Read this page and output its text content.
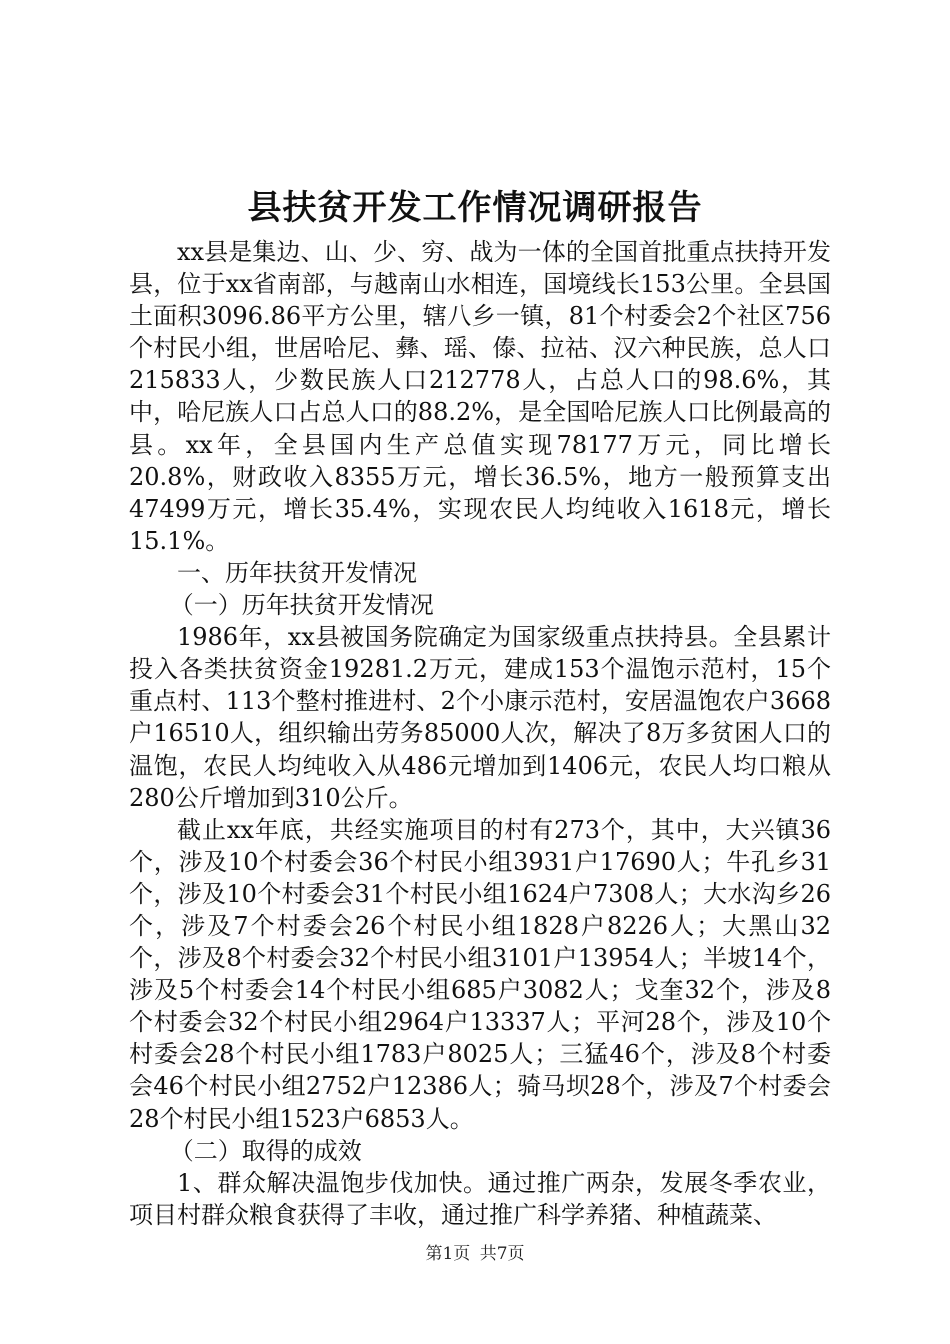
县扶贫开发工作情况调研报告

xx县是集边、山、少、穷、战为一体的全国首批重点扶持开发县，位于xx省南部，与越南山水相连，国境线长153公里。全县国土面积3096.86平方公里，辖八乡一镇，81个村委会2个社区756个村民小组，世居哈尼、彝、瑶、傣、拉祜、汉六种民族，总人口215833人，少数民族人口212778人，占总人口的98.6%，其中，哈尼族人口占总人口的88.2%，是全国哈尼族人口比例最高的县。xx年，全县国内生产总值实现78177万元，同比增长20.8%，财政收入8355万元，增长36.5%，地方一般预算支出47499万元，增长35.4%，实现农民人均纯收入1618元，增长15.1%。

一、历年扶贫开发情况

（一）历年扶贫开发情况

1986年，xx县被国务院确定为国家级重点扶持县。全县累计投入各类扶贫资金19281.2万元，建成153个温饱示范村，15个重点村、113个整村推进村、2个小康示范村，安居温饱农户3668户16510人，组织输出劳务85000人次，解决了8万多贫困人口的温饱，农民人均纯收入从486元增加到1406元，农民人均口粮从280公斤增加到310公斤。

截止xx年底，共经实施项目的村有273个，其中，大兴镇36个，涉及10个村委会36个村民小组3931户17690人；牛孔乡31个，涉及10个村委会31个村民小组1624户7308人；大水沟乡26个，涉及7个村委会26个村民小组1828户8226人；大黑山32个，涉及8个村委会32个村民小组3101户13954人；半坡14个，涉及5个村委会14个村民小组685户3082人；戈奎32个，涉及8个村委会32个村民小组2964户13337人；平河28个，涉及10个村委会28个村民小组1783户8025人；三猛46个，涉及8个村委会46个村民小组2752户12386人；骑马坝28个，涉及7个村委会28个村民小组1523户6853人。

（二）取得的成效

1、群众解决温饱步伐加快。通过推广两杂，发展冬季农业，项目村群众粮食获得了丰收，通过推广科学养猪、种植蔬菜、

第1页 共7页
